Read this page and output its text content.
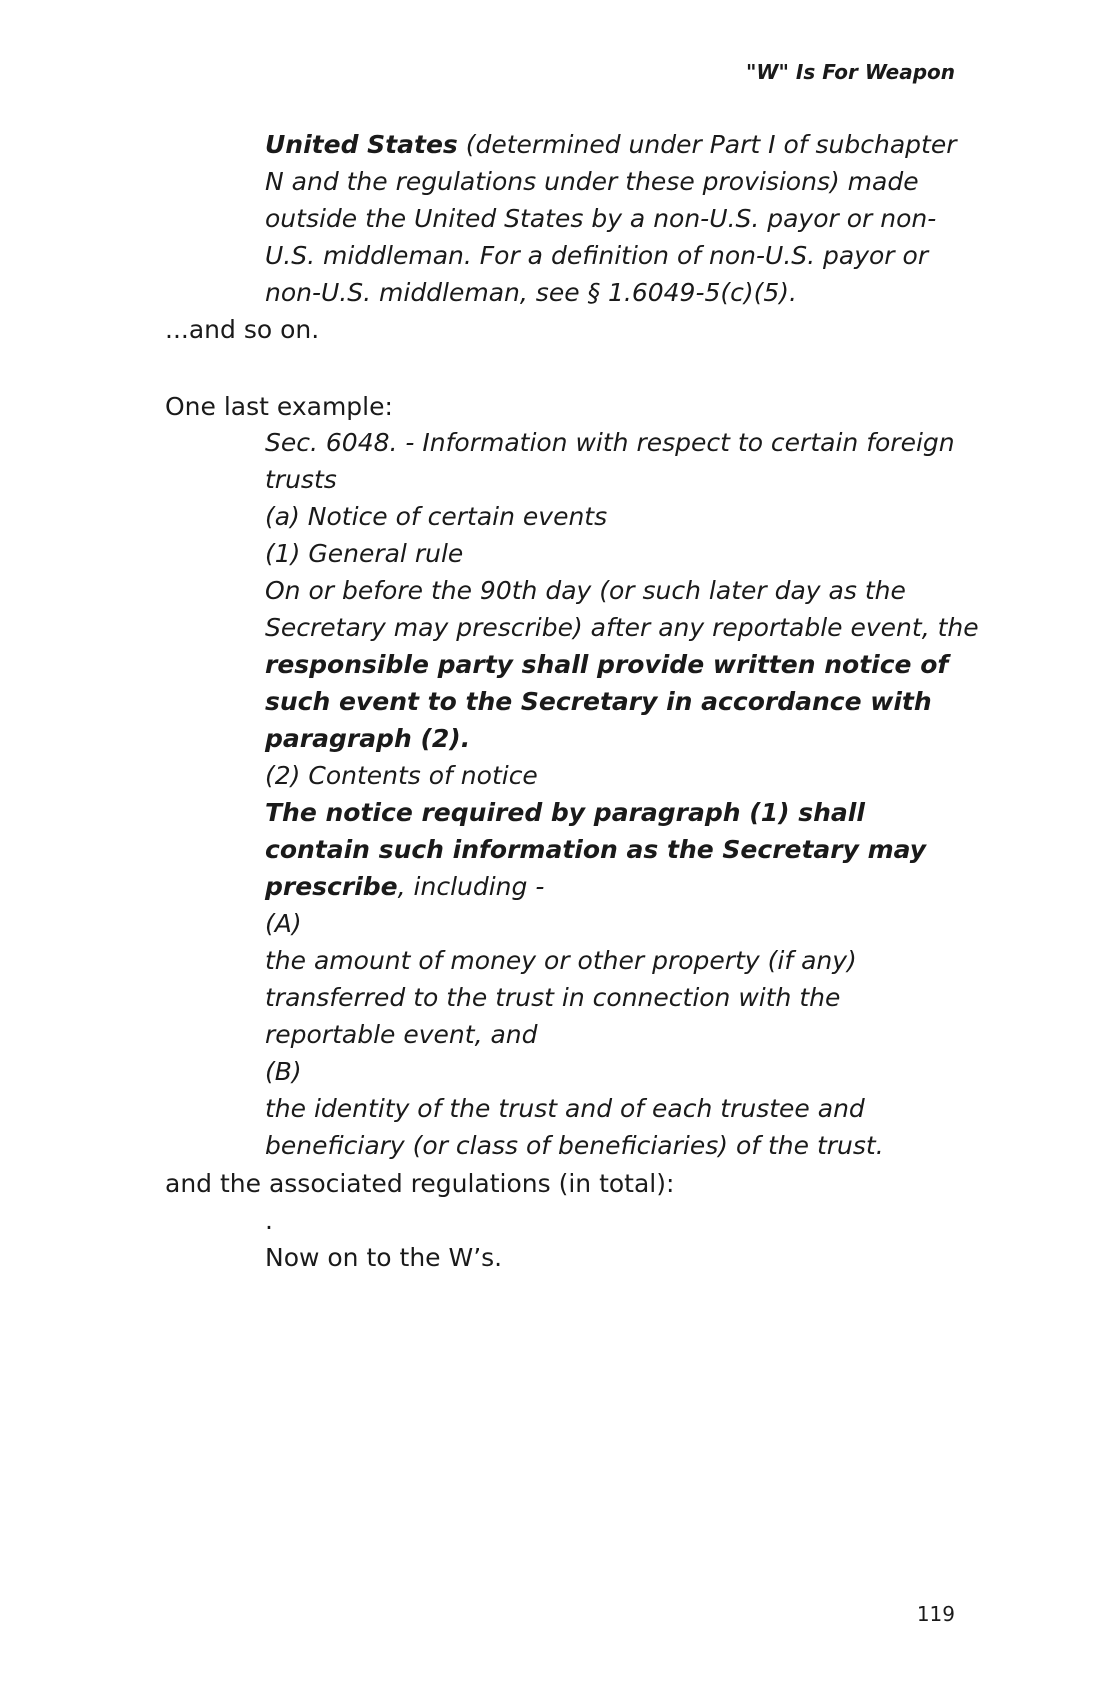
"W" Is For Weapon
United States (determined under Part I of subchapter
N and the regulations under these provisions) made
outside the United States by a non-U.S. payor or non-
U.S. middleman. For a definition of non-U.S. payor or
non-U.S. middleman, see § 1.6049-5(c)(5).
...and so on.
One last example:
Sec. 6048. - Information with respect to certain foreign
trusts
(a) Notice of certain events
(1) General rule
On or before the 90th day (or such later day as the
Secretary may prescribe) after any reportable event, the
responsible party shall provide written notice of
such event to the Secretary in accordance with
paragraph (2).
(2) Contents of notice
The notice required by paragraph (1) shall
contain such information as the Secretary may
prescribe, including -
(A)
the amount of money or other property (if any)
transferred to the trust in connection with the
reportable event, and
(B)
the identity of the trust and of each trustee and
beneficiary (or class of beneficiaries) of the trust.
and the associated regulations (in total):
.
Now on to the W’s.
119
